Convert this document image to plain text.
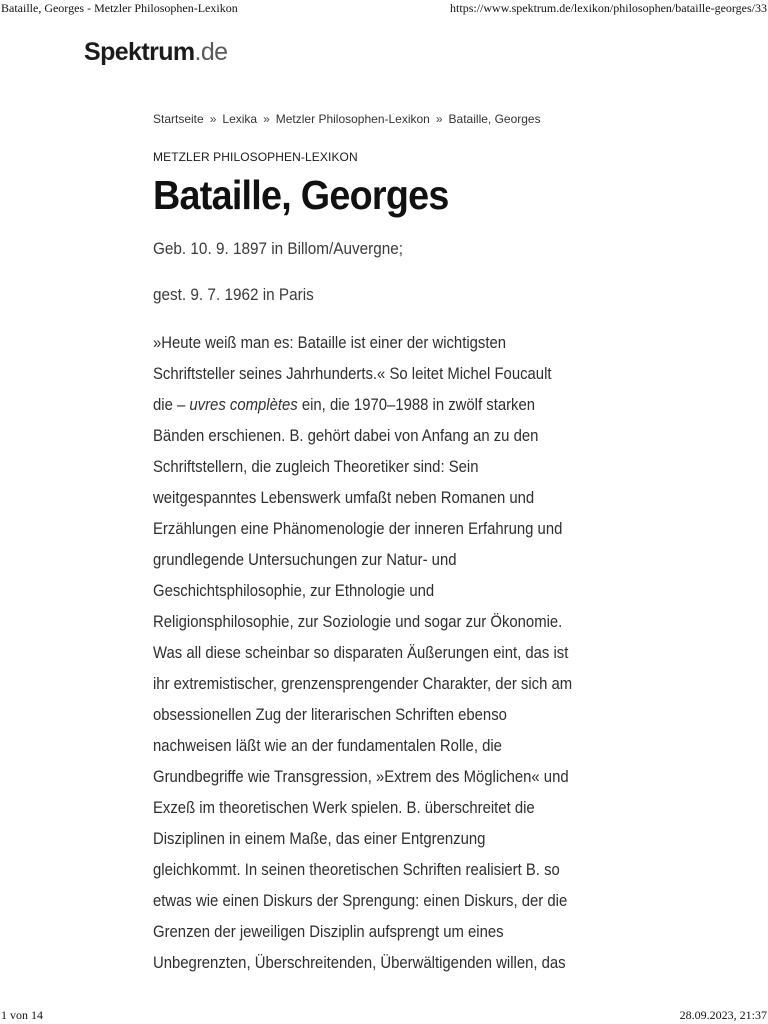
Bataille, Georges - Metzler Philosophen-Lexikon	https://www.spektrum.de/lexikon/philosophen/bataille-georges/33
Spektrum.de
Startseite » Lexika » Metzler Philosophen-Lexikon » Bataille, Georges
METZLER PHILOSOPHEN-LEXIKON
Bataille, Georges
Geb. 10. 9. 1897 in Billom/Auvergne;
gest. 9. 7. 1962 in Paris
»Heute weiß man es: Bataille ist einer der wichtigsten
Schriftsteller seines Jahrhunderts.« So leitet Michel Foucault
die – uvres complètes ein, die 1970–1988 in zwölf starken
Bänden erschienen. B. gehört dabei von Anfang an zu den
Schriftstellern, die zugleich Theoretiker sind: Sein
weitgespanntes Lebenswerk umfaßt neben Romanen und
Erzählungen eine Phänomenologie der inneren Erfahrung und
grundlegende Untersuchungen zur Natur- und
Geschichtsphilosophie, zur Ethnologie und
Religionsphilosophie, zur Soziologie und sogar zur Ökonomie.
Was all diese scheinbar so disparaten Äußerungen eint, das ist
ihr extremistischer, grenzensprengender Charakter, der sich am
obsessionellen Zug der literarischen Schriften ebenso
nachweisen läßt wie an der fundamentalen Rolle, die
Grundbegriffe wie Transgression, »Extrem des Möglichen« und
Exzeß im theoretischen Werk spielen. B. überschreitet die
Disziplinen in einem Maße, das einer Entgrenzung
gleichkommt. In seinen theoretischen Schriften realisiert B. so
etwas wie einen Diskurs der Sprengung: einen Diskurs, der die
Grenzen der jeweiligen Disziplin aufsprengt um eines
Unbegrenzten, Überschreitenden, Überwältigenden willen, das
1 von 14	28.09.2023, 21:37
